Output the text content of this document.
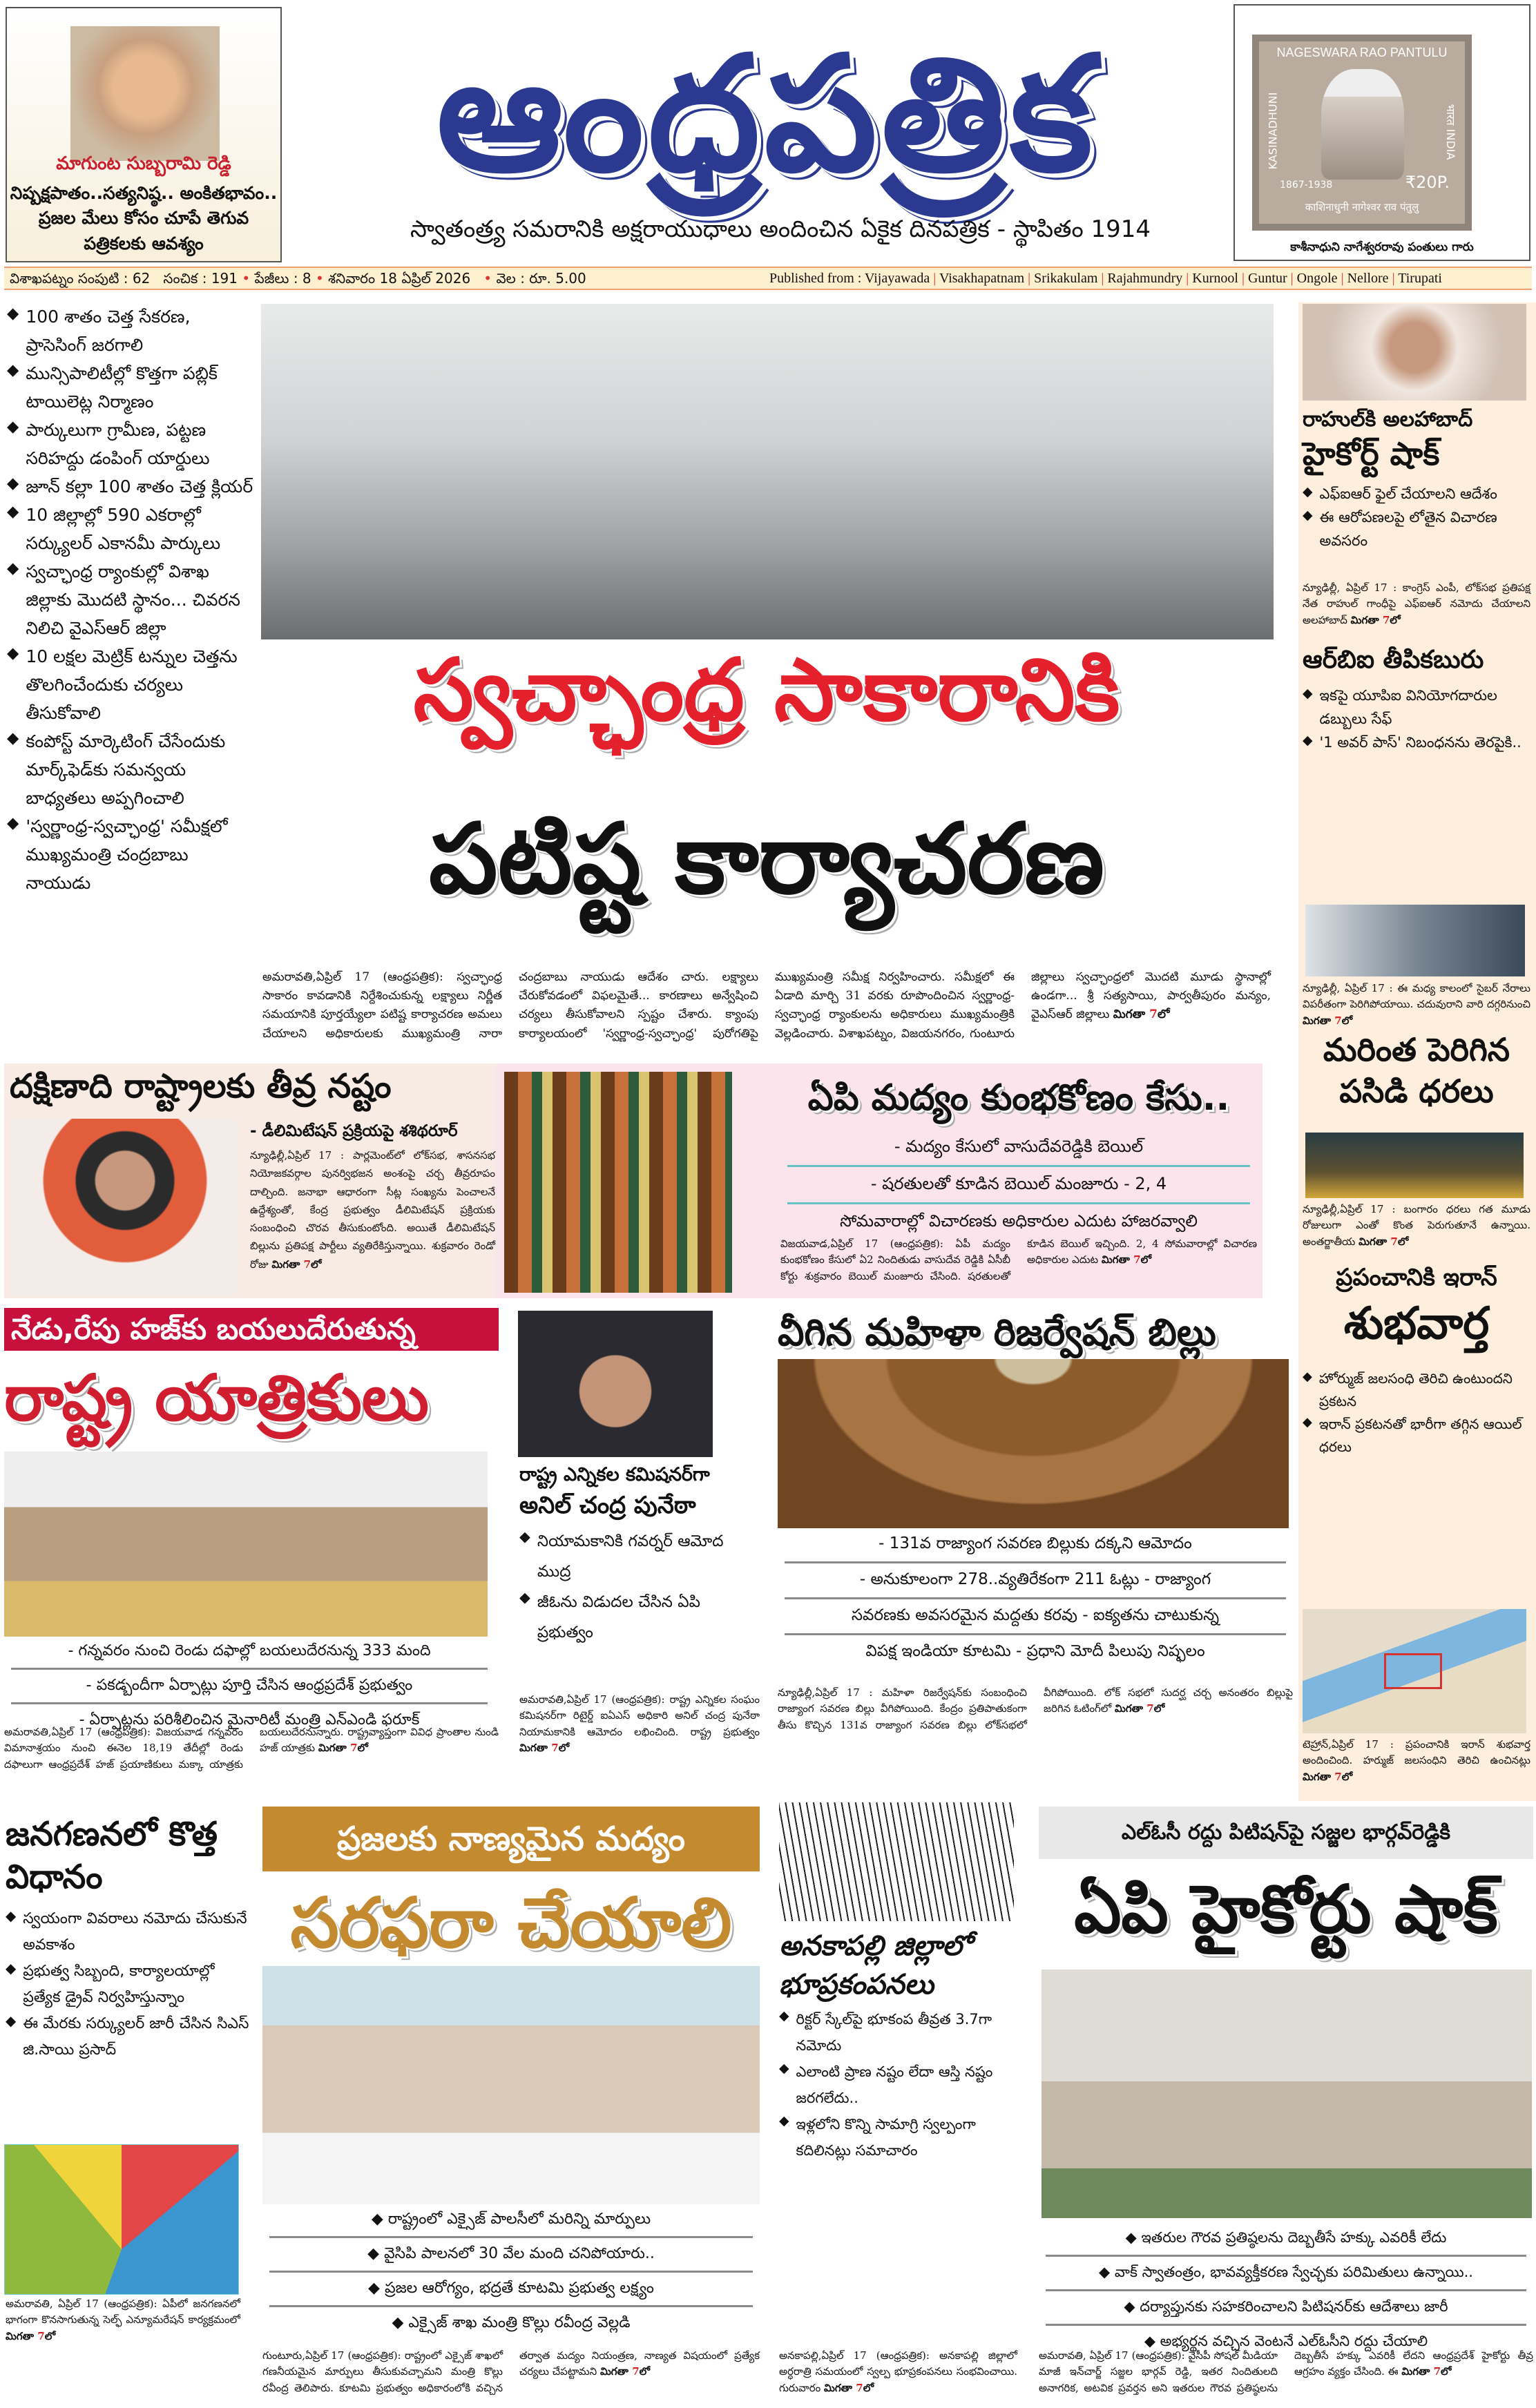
మాగుంట సుబ్బరామి రెడ్డి
నిష్పక్షపాతం..సత్యనిష్ఠ.. అంకితభావం..
ప్రజల మేలు కోసం చూపే తెగువ
పత్రికలకు ఆవశ్యం
ఆంధ్రపత్రిక
స్వాతంత్ర్య సమరానికి అక్షరాయుధాలు అందించిన ఏకైక దినపత్రిక - స్థాపితం 1914
NAGESWARA RAO PANTULU
KASINADHUNI	भारत INDIA
1867-1938	₹20P.
काशिनाधुनी नागेश्वर राव पंतुलु
కాశీనాధుని నాగేశ్వరరావు పంతులు గారు
విశాఖపట్నం సంపుటి : 62 సంచిక : 191 • పేజీలు : 8 • శనివారం 18 ఏప్రిల్ 2026 • వెల : రూ. 5.00	Published from : Vijayawada | Visakhapatnam | Srikakulam | Rajahmundry | Kurnool | Guntur | Ongole | Nellore | Tirupati
◆ 100 శాతం చెత్త సేకరణ, ప్రాసెసింగ్ జరగాలి
◆ మున్సిపాలిటీల్లో కొత్తగా పబ్లిక్ టాయిలెట్ల నిర్మాణం
◆ పార్కులుగా గ్రామీణ, పట్టణ సరిహద్దు డంపింగ్ యార్డులు
◆ జూన్ కల్లా 100 శాతం చెత్త క్లియర్
◆ 10 జిల్లాల్లో 590 ఎకరాల్లో సర్క్యులర్ ఎకానమీ పార్కులు
◆ స్వచ్ఛాంధ్ర ర్యాంకుల్లో విశాఖ జిల్లాకు మొదటి స్థానం... చివరన నిలిచి వైఎస్ఆర్ జిల్లా
◆ 10 లక్షల మెట్రిక్ టన్నుల చెత్తను తొలగించేందుకు చర్యలు తీసుకోవాలి
◆ కంపోస్ట్ మార్కెటింగ్ చేసేందుకు మార్క్‌ఫెడ్‌కు సమన్వయ బాధ్యతలు అప్పగించాలి
◆ 'స్వర్ణాంధ్ర-స్వచ్ఛాంధ్ర' సమీక్షలో ముఖ్యమంత్రి చంద్రబాబు నాయుడు
స్వచ్ఛాంధ్ర సాకారానికి
పటిష్ట కార్యాచరణ
అమరావతి,ఏప్రిల్ 17 (ఆంధ్రపత్రిక): స్వచ్ఛాంధ్ర సాకారం కావడానికి నిర్దేశించుకున్న లక్ష్యాలు నిర్ణీత సమయానికి పూర్తయ్యేలా పటిష్ట కార్యాచరణ అమలు చేయాలని అధికారులకు ముఖ్యమంత్రి నారా చంద్రబాబు నాయుడు ఆదేశం చారు. లక్ష్యాలు చేరుకోవడంలో విఫలమైతే... కారణాలు అన్వేషించి చర్యలు తీసుకోవాలని స్పష్టం చేశారు. క్యాంపు కార్యాలయంలో 'స్వర్ణాంధ్ర-స్వచ్ఛాంధ్ర' పురోగతిపై ముఖ్యమంత్రి సమీక్ష నిర్వహించారు. సమీక్షలో ఈ ఏడాది మార్చి 31 వరకు రూపొందించిన స్వర్ణాంధ్ర-స్వచ్ఛాంధ్ర ర్యాంకులను అధికారులు ముఖ్యమంత్రికి వెల్లడించారు. విశాఖపట్నం, విజయనగరం, గుంటూరు జిల్లాలు స్వచ్ఛాంధ్రలో మొదటి మూడు స్థానాల్లో ఉండగా... శ్రీ సత్యసాయి, పార్వతీపురం మన్యం, వైఎస్ఆర్ జిల్లాలు మిగతా 7లో
రాహుల్‌కి అలహాబాద్
హైకోర్ట్ షాక్
◆ ఎఫ్ఐఆర్ ఫైల్ చేయాలని ఆదేశం
◆ ఈ ఆరోపణలపై లోతైన విచారణ అవసరం
న్యూఢిల్లీ, ఏప్రిల్ 17 : కాంగ్రెస్ ఎంపీ, లోక్‌సభ ప్రతిపక్ష నేత రాహుల్ గాంధీపై ఎఫ్ఐఆర్ నమోదు చేయాలని అలహాబాద్ మిగతా 7లో
ఆర్‌బిఐ తీపికబురు
◆ ఇకపై యూపిఐ వినియోగదారుల డబ్బులు సేఫ్
◆ '1 అవర్ పాస్' నిబంధనను తెరపైకి..
న్యూఢిల్లీ, ఏప్రిల్ 17 : ఈ మధ్య కాలంలో సైబర్ నేరాలు విపరీతంగా పెరిగిపోయాయి. చదువురాని వారి దగ్గరినుంచి మిగతా 7లో
మరింత పెరిగిన పసిడి ధరలు
న్యూఢిల్లీ,ఏప్రిల్ 17 : బంగారం ధరలు గత మూడు రోజులుగా ఎంతో కొంత పెరుగుతూనే ఉన్నాయి. అంతర్జాతీయ మిగతా 7లో
ప్రపంచానికి ఇరాన్
శుభవార్త
◆ హోర్ముజ్ జలసంధి తెరిచి ఉంటుందని ప్రకటన
◆ ఇరాన్ ప్రకటనతో భారీగా తగ్గిన ఆయిల్ ధరలు
టెహ్రాన్,ఏప్రిల్ 17 : ప్రపంచానికి ఇరాన్ శుభవార్త అందించింది. హర్ముజ్ జలసంధిని తెరిచి ఉంచినట్లు మిగతా 7లో
దక్షిణాది రాష్ట్రాలకు తీవ్ర నష్టం
- డీలిమిటేషన్ ప్రక్రియపై శశిథరూర్
న్యూఢిల్లీ,ఏప్రిల్ 17 : పార్లమెంట్‌లో లోక్‌సభ, శాసనసభ నియోజకవర్గాల పునర్విభజన అంశంపై చర్చ తీవ్రరూపం దాల్చింది. జనాభా ఆధారంగా సీట్ల సంఖ్యను పెంచాలనే ఉద్దేశ్యంతో, కేంద్ర ప్రభుత్వం డీలిమిటేషన్ ప్రక్రియకు సంబంధించి చొరవ తీసుకుంటోంది. అయితే డీలిమిటేషన్ బిల్లును ప్రతిపక్ష పార్టీలు వ్యతిరేకిస్తున్నాయి. శుక్రవారం రెండో రోజు మిగతా 7లో
ఏపి మద్యం కుంభకోణం కేసు..
- మద్యం కేసులో వాసుదేవరెడ్డికి బెయిల్
- షరతులతో కూడిన బెయిల్ మంజూరు - 2, 4
సోమవారాల్లో విచారణకు అధికారుల ఎదుట హాజరవ్వాలి
విజయవాడ,ఏప్రిల్ 17 (ఆంధ్రపత్రిక): ఏపీ మద్యం కుంభకోణం కేసులో ఏ2 నిందితుడు వాసుదేవ రెడ్డికి ఏసీబీ కోర్టు శుక్రవారం బెయిల్ మంజూరు చేసింది. షరతులతో కూడిన బెయిల్ ఇచ్చింది. 2, 4 సోమవారాల్లో విచారణ అధికారుల ఎదుట మిగతా 7లో
నేడు,రేపు హజ్‌కు బయలుదేరుతున్న
రాష్ట్ర యాత్రికులు
- గన్నవరం నుంచి రెండు దఫాల్లో బయలుదేరనున్న 333 మంది
- పకడ్బందీగా ఏర్పాట్లు పూర్తి చేసిన ఆంధ్రప్రదేశ్ ప్రభుత్వం
- ఏర్పాట్లను పరిశీలించిన మైనారిటీ మంత్రి ఎన్ఎండి ఫరూక్
అమరావతి,ఏప్రిల్ 17 (ఆంధ్రపత్రిక): విజయవాడ గన్నవరం విమానాశ్రయం నుంచి ఈనెల 18,19 తేదీల్లో రెండు దఫాలుగా ఆంధ్రప్రదేశ్ హజ్ ప్రయాణికులు మక్కా యాత్రకు బయలుదేరనున్నారు. రాష్ట్రవ్యాప్తంగా వివిధ ప్రాంతాల నుండి హజ్ యాత్రకు మిగతా 7లో
రాష్ట్ర ఎన్నికల కమిషనర్‌గా
అనిల్ చంద్ర పునేఠా
◆ నియామకానికి గవర్నర్ ఆమోద ముద్ర
◆ జీఓను విడుదల చేసిన ఏపి ప్రభుత్వం
అమరావతి,ఏప్రిల్ 17 (ఆంధ్రపత్రిక): రాష్ట్ర ఎన్నికల సంఘం కమిషనర్‌గా రిటైర్డ్ ఐఏఎస్ అధికారి అనిల్ చంద్ర పునేఠా నియామకానికి ఆమోదం లభించింది. రాష్ట్ర ప్రభుత్వం మిగతా 7లో
వీగిన మహిళా రిజర్వేషన్ బిల్లు
- 131వ రాజ్యాంగ సవరణ బిల్లుకు దక్కని ఆమోదం
- అనుకూలంగా 278..వ్యతిరేకంగా 211 ఓట్లు - రాజ్యాంగ
సవరణకు అవసరమైన మద్దతు కరవు - ఐక్యతను చాటుకున్న
విపక్ష ఇండియా కూటమి - ప్రధాని మోదీ పిలుపు నిష్ఫలం
న్యూఢిల్లీ,ఏప్రిల్ 17 : మహిళా రిజర్వేషన్‌కు సంబంధించి రాజ్యాంగ సవరణ బిల్లు వీగిపోయింది. కేంద్రం ప్రతిపాతుకంగా తీసు కొచ్చిన 131వ రాజ్యాంగ సవరణ బిల్లు లోక్‌సభలో వీగిపోయింది. లోక్ సభలో సుదర్ఘ చర్చ అనంతరం బిల్లుపై జరిగిన ఓటింగ్‌లో మిగతా 7లో
జనగణనలో కొత్త విధానం
◆ స్వయంగా వివరాలు నమోదు చేసుకునే అవకాశం
◆ ప్రభుత్వ సిబ్బంది, కార్యాలయాల్లో ప్రత్యేక డ్రైవ్ నిర్వహిస్తున్నాం
◆ ఈ మేరకు సర్క్యులర్ జారీ చేసిన సిఎస్ జి.సాయి ప్రసాద్
అమరావతి, ఏప్రిల్ 17 (ఆంధ్రపత్రిక): ఏపీలో జనగణనలో భాగంగా కొనసాగుతున్న సెల్ఫ్ ఎన్యూమరేషన్ కార్యక్రమంలో మిగతా 7లో
ప్రజలకు నాణ్యమైన మద్యం
సరఫరా చేయాలి
◆ రాష్ట్రంలో ఎక్సైజ్ పాలసీలో మరిన్ని మార్పులు
◆ వైసిపి పాలనలో 30 వేల మంది చనిపోయారు..
◆ ప్రజల ఆరోగ్యం, భద్రతే కూటమి ప్రభుత్వ లక్ష్యం
◆ ఎక్సైజ్ శాఖ మంత్రి కొల్లు రవీంద్ర వెల్లడి
గుంటూరు,ఏప్రిల్ 17 (ఆంధ్రపత్రిక): రాష్ట్రంలో ఎక్సైజ్ శాఖలో గణనీయమైన మార్పులు తీసుకువచ్చామని మంత్రి కొల్లు రవీంద్ర తెలిపారు. కూటమి ప్రభుత్వం అధికారంలోకి వచ్చిన తర్వాత మద్యం నియంత్రణ, నాణ్యత విషయంలో ప్రత్యేక చర్యలు చేపట్టామని మిగతా 7లో
అనకాపల్లి జిల్లాలో భూప్రకంపనలు
◆ రిక్టర్ స్కేల్‌పై భూకంప తీవ్రత 3.7గా నమోదు
◆ ఎలాంటి ప్రాణ నష్టం లేదా ఆస్తి నష్టం జరగలేదు..
◆ ఇళ్లలోని కొన్ని సామాగ్రి స్వల్పంగా కదిలినట్లు సమాచారం
అనకాపల్లి,ఏప్రిల్ 17 (ఆంధ్రపత్రిక): అనకాపల్లి జిల్లాలో అర్ధరాత్రి సమయంలో స్వల్ప భూప్రకంపనలు సంభవించాయి. గురువారం మిగతా 7లో
ఎల్ఓసీ రద్దు పిటిషన్‌పై సజ్జల భార్గవ్‌రెడ్డికి
ఏపి హైకోర్టు షాక్
◆ ఇతరుల గౌరవ ప్రతిష్ఠలను దెబ్బతీసే హక్కు ఎవరికీ లేదు
◆ వాక్ స్వాతంత్రం, భావవ్యక్తీకరణ స్వేచ్ఛకు పరిమితులు ఉన్నాయి..
◆ దర్యాప్తునకు సహకరించాలని పిటిషనర్‌కు ఆదేశాలు జారీ
◆ అభ్యర్థన వచ్చిన వెంటనే ఎల్ఓసీని రద్దు చేయాలి
అమరావతి, ఏప్రిల్ 17 (ఆంధ్రపత్రిక): వైసీపీ సోషల్ మీడియా మాజీ ఇన్‌చార్జ్ సజ్జల భార్గవ్ రెడ్డి, ఇతర నిందితులది అనాగరిక, అటవిక ప్రవర్తన అని ఇతరుల గౌరవ ప్రతిష్ఠలను దెబ్బతీసే హక్కు ఎవరికీ లేదని ఆంధ్రప్రదేశ్ హైకోర్టు తీవ్ర ఆగ్రహం వ్యక్తం చేసింది. ఈ మిగతా 7లో
